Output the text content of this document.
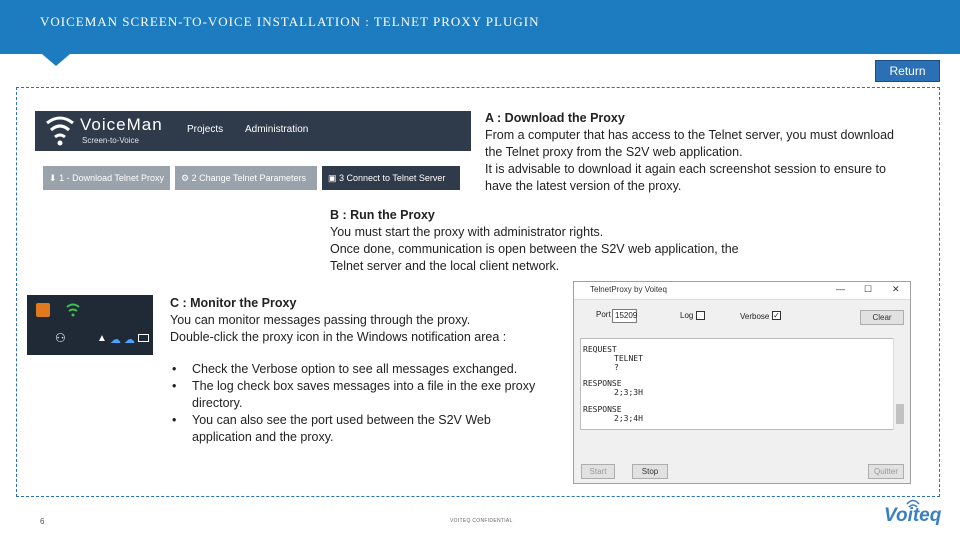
VOICEMAN SCREEN-TO-VOICE INSTALLATION : TELNET PROXY PLUGIN
Return
VoiceMan
Screen-to-Voice
Projects Administration
⬇ 1 - Download Telnet Proxy	⚙ 2 Change Telnet Parameters	▣ 3 Connect to Telnet Server
A : Download the Proxy
From a computer that has access to the Telnet server, you must download
the Telnet proxy from the S2V web application.
It is advisable to download it again each screenshot session to ensure to
have the latest version of the proxy.
B : Run the Proxy
You must start the proxy with administrator rights.
Once done, communication is open between the S2V web application, the
Telnet server and the local client network.
⚇	▲ ☁ ☁
C : Monitor the Proxy
You can monitor messages passing through the proxy.
Double-click the proxy icon in the Windows notification area :
• Check the Verbose option to see all messages exchanged.
• The log check box saves messages into a file in the exe proxy directory.
• You can also see the port used between the S2V Web application and the proxy.
TelnetProxy by Voiteq	— ☐ ✕
Port 15209	Log	Verbose ✓	Clear
REQUEST
TELNET
?
RESPONSE
2;3;3H
RESPONSE
2;3;4H
Start	Stop	Quitter
6	VOITEQ CONFIDENTIAL	Voiteq
